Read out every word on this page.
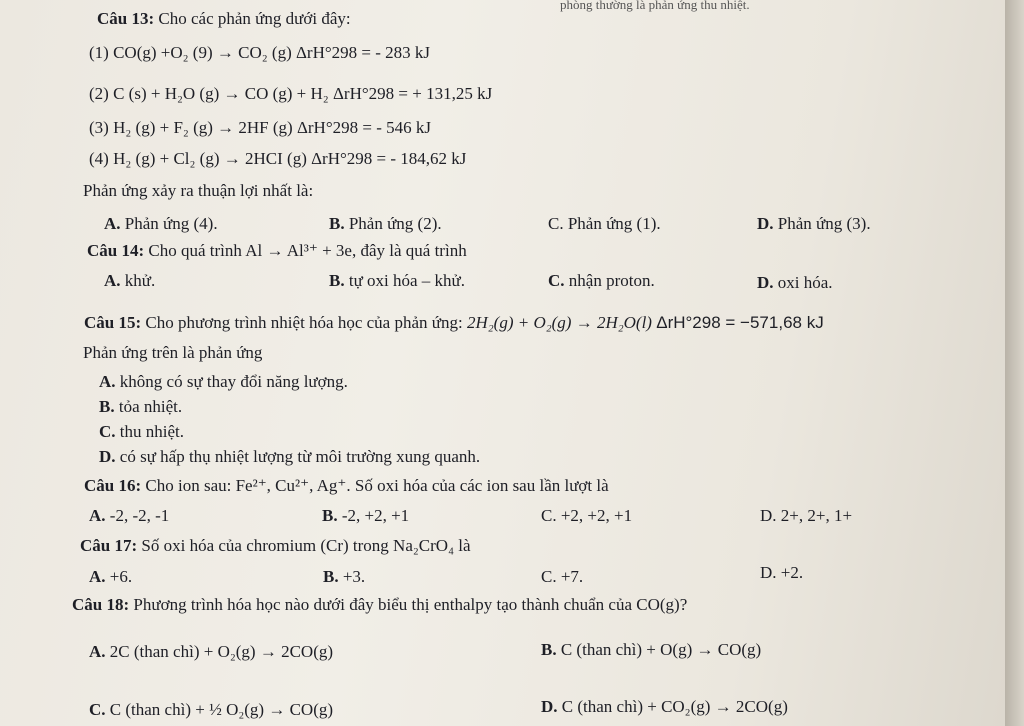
phòng thường là phản ứng thu nhiệt.
Câu 13: Cho các phản ứng dưới đây:
(1) CO(g) +O₂ (9) → CO₂ (g) ΔrH°298 = - 283 kJ
(2) C (s) + H₂O (g) → CO (g) + H₂ ΔrH°298 = + 131,25 kJ
(3) H₂ (g) + F₂ (g) → 2HF (g) ΔrH°298 = - 546 kJ
(4) H₂ (g) + Cl₂ (g) → 2HCI (g) ΔrH°298 = - 184,62 kJ
Phản ứng xảy ra thuận lợi nhất là:
A. Phản ứng (4).	B. Phản ứng (2).	C. Phản ứng (1).	D. Phản ứng (3).
Câu 14: Cho quá trình Al → Al³⁺ + 3e, đây là quá trình
A. khử.	B. tự oxi hóa – khử.	C. nhận proton.	D. oxi hóa.
Câu 15: Cho phương trình nhiệt hóa học của phản ứng: 2H₂(g) + O₂(g) → 2H₂O(l) ΔrH°298 = −571,68 kJ
Phản ứng trên là phản ứng
A. không có sự thay đổi năng lượng.
B. tỏa nhiệt.
C. thu nhiệt.
D. có sự hấp thụ nhiệt lượng từ môi trường xung quanh.
Câu 16: Cho ion sau: Fe²⁺, Cu²⁺, Ag⁺. Số oxi hóa của các ion sau lần lượt là
A. -2, -2, -1	B. -2, +2, +1	C. +2, +2, +1	D. 2+, 2+, 1+
Câu 17: Số oxi hóa của chromium (Cr) trong Na₂CrO₄ là
A. +6.	B. +3.	C. +7.	D. +2.
Câu 18: Phương trình hóa học nào dưới đây biểu thị enthalpy tạo thành chuẩn của CO(g)?
A. 2C (than chì) + O₂(g) → 2CO(g)	B. C (than chì) + O(g) → CO(g)
C. C (than chì) + ½ O₂(g) → CO(g)	D. C (than chì) + CO₂(g) → 2CO(g)
